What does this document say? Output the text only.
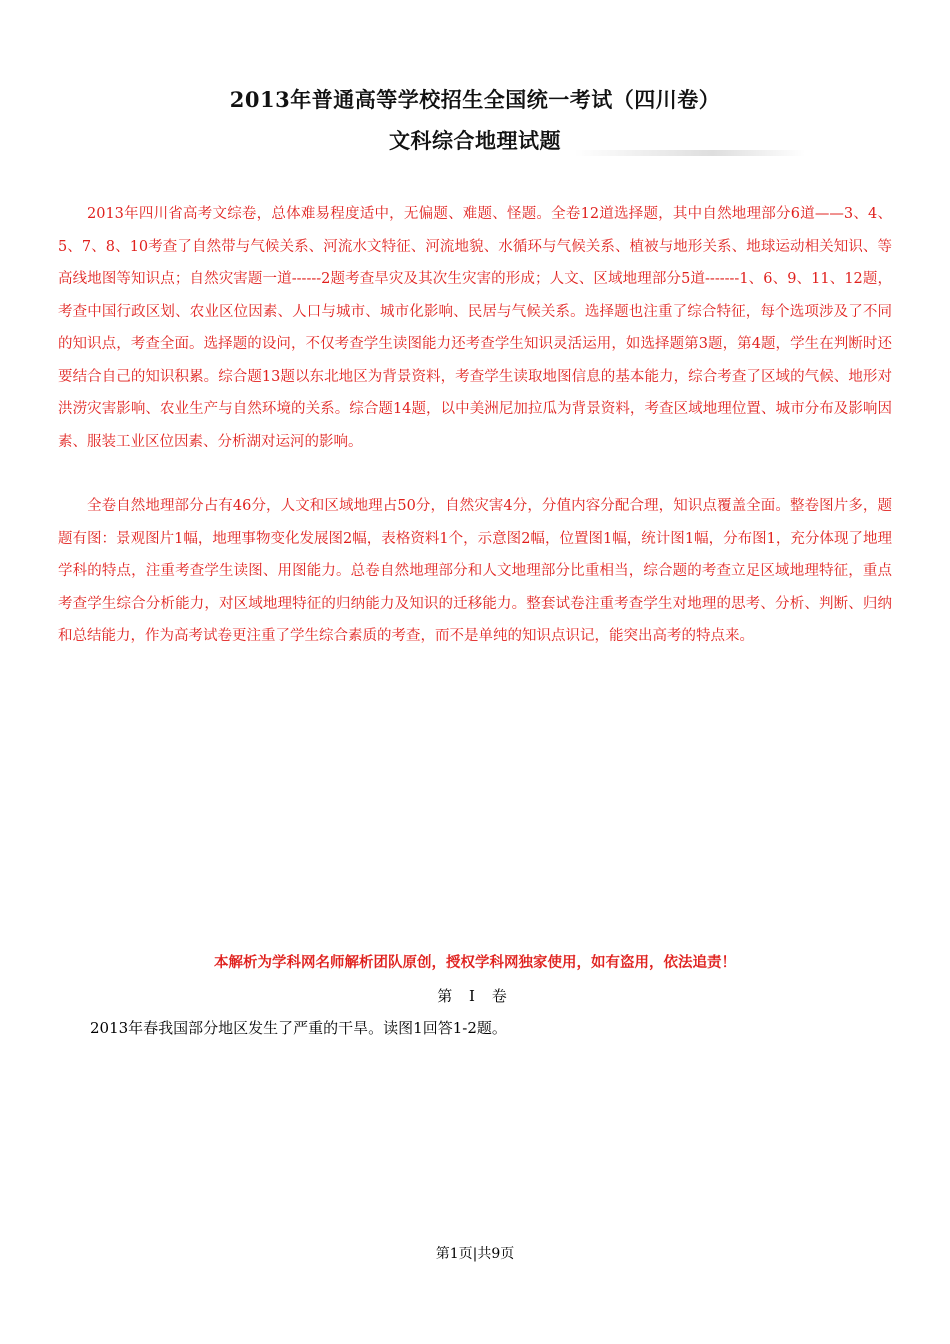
2013年普通高等学校招生全国统一考试（四川卷）
文科综合地理试题

2013年四川省高考文综卷，总体难易程度适中，无偏题、难题、怪题。全卷12道选择题，其中自然地理部分6道——3、4、5、7、8、10考查了自然带与气候关系、河流水文特征、河流地貌、水循环与气候关系、植被与地形关系、地球运动相关知识、等高线地图等知识点；自然灾害题一道------2题考查旱灾及其次生灾害的形成；人文、区域地理部分5道-------1、6、9、11、12题，考查中国行政区划、农业区位因素、人口与城市、城市化影响、民居与气候关系。选择题也注重了综合特征，每个选项涉及了不同的知识点，考查全面。选择题的设问，不仅考查学生读图能力还考查学生知识灵活运用，如选择题第3题，第4题，学生在判断时还要结合自己的知识积累。综合题13题以东北地区为背景资料，考查学生读取地图信息的基本能力，综合考查了区域的气候、地形对洪涝灾害影响、农业生产与自然环境的关系。综合题14题，以中美洲尼加拉瓜为背景资料，考查区域地理位置、城市分布及影响因素、服装工业区位因素、分析湖对运河的影响。

全卷自然地理部分占有46分，人文和区域地理占50分，自然灾害4分，分值内容分配合理，知识点覆盖全面。整卷图片多，题题有图：景观图片1幅，地理事物变化发展图2幅，表格资料1个，示意图2幅，位置图1幅，统计图1幅，分布图1，充分体现了地理学科的特点，注重考查学生读图、用图能力。总卷自然地理部分和人文地理部分比重相当，综合题的考查立足区域地理特征，重点考查学生综合分析能力，对区域地理特征的归纳能力及知识的迁移能力。整套试卷注重考查学生对地理的思考、分析、判断、归纳和总结能力，作为高考试卷更注重了学生综合素质的考查，而不是单纯的知识点识记，能突出高考的特点来。

本解析为学科网名师解析团队原创，授权学科网独家使用，如有盗用，依法追责！
第 I 卷
2013年春我国部分地区发生了严重的干旱。读图1回答1-2题。
第1页|共9页
